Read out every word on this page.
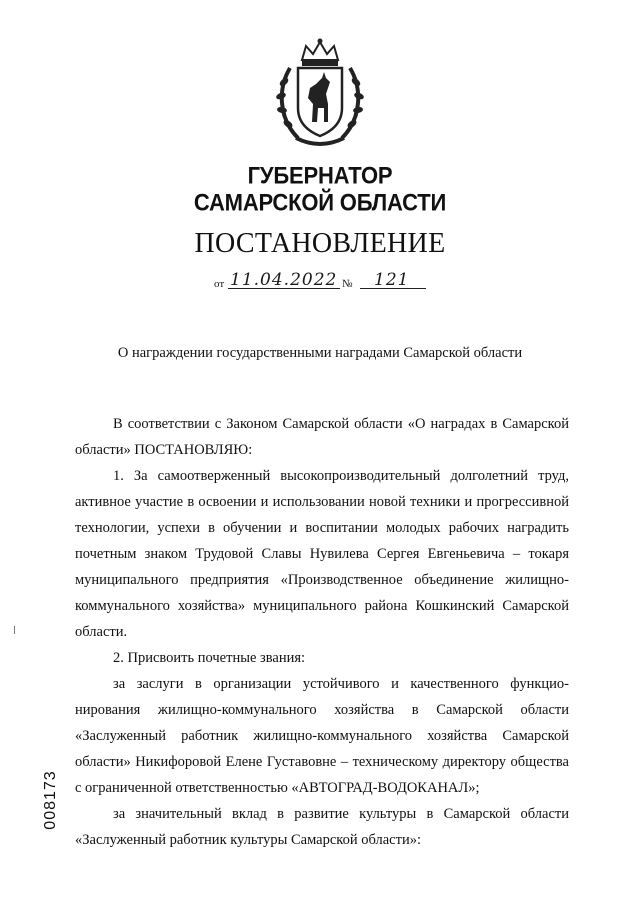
ГУБЕРНАТОР
САМАРСКОЙ ОБЛАСТИ
ПОСТАНОВЛЕНИЕ
от 11.04.2022 № 121
О награждении государственными наградами Самарской области

В соответствии с Законом Самарской области «О наградах в Самарской области» ПОСТАНОВЛЯЮ:

1. За самоотверженный высокопроизводительный долголетний труд, активное участие в освоении и использовании новой техники и прогрессивной технологии, успехи в обучении и воспитании молодых рабочих наградить почетным знаком Трудовой Славы Нувилева Сергея Евгеньевича – токаря муниципального предприятия «Производственное объединение жилищно-коммунального хозяйства» муниципального района Кошкинский Самарской области.

2. Присвоить почетные звания:

за заслуги в организации устойчивого и качественного функционирования жилищно-коммунального хозяйства в Самарской области «Заслуженный работник жилищно-коммунального хозяйства Самарской области» Никифоровой Елене Густавовне – техническому директору общества с ограниченной ответственностью «АВТОГРАД-ВОДОКАНАЛ»;

за значительный вклад в развитие культуры в Самарской области «Заслуженный работник культуры Самарской области»:

008173
